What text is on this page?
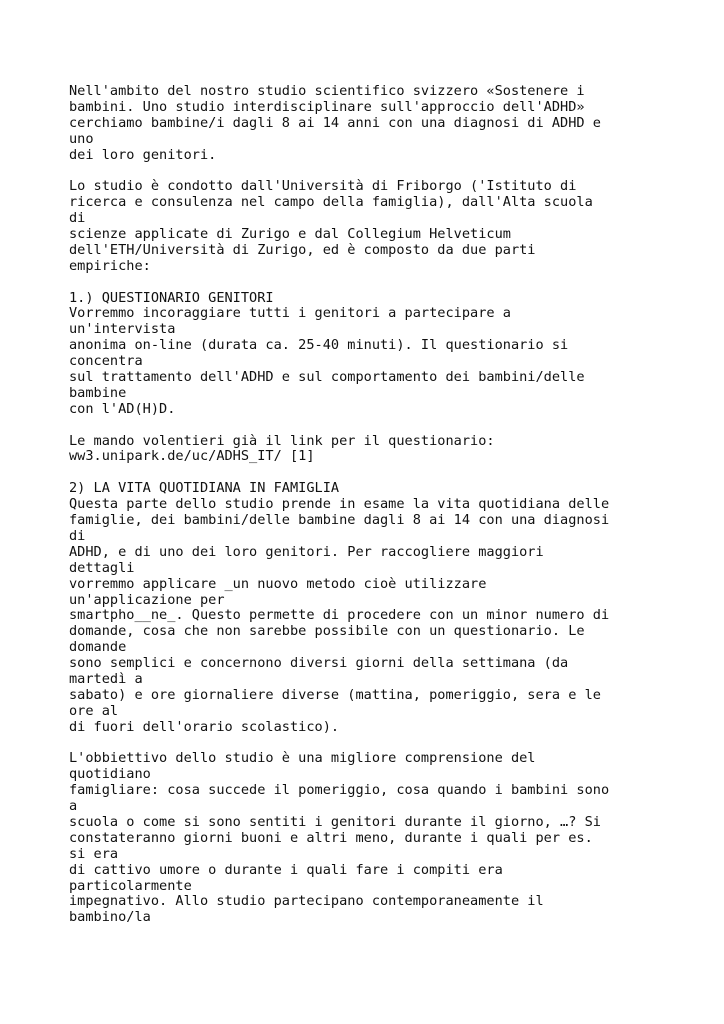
Nell'ambito del nostro studio scientifico svizzero «Sostenere i
bambini. Uno studio interdisciplinare sull'approccio dell'ADHD»
cerchiamo bambine/i dagli 8 ai 14 anni con una diagnosi di ADHD e
uno
dei loro genitori.
Lo studio è condotto dall'Università di Friborgo ('Istituto di
ricerca e consulenza nel campo della famiglia), dall'Alta scuola
di
scienze applicate di Zurigo e dal Collegium Helveticum
dell'ETH/Università di Zurigo, ed è composto da due parti
empiriche:
1.) QUESTIONARIO GENITORI
Vorremmo incoraggiare tutti i genitori a partecipare a
un'intervista
anonima on-line (durata ca. 25-40 minuti). Il questionario si
concentra
sul trattamento dell'ADHD e sul comportamento dei bambini/delle
bambine
con l'AD(H)D.
Le mando volentieri già il link per il questionario:
ww3.unipark.de/uc/ADHS_IT/ [1]
2) LA VITA QUOTIDIANA IN FAMIGLIA
Questa parte dello studio prende in esame la vita quotidiana delle
famiglie, dei bambini/delle bambine dagli 8 ai 14 con una diagnosi
di
ADHD, e di uno dei loro genitori. Per raccogliere maggiori
dettagli
vorremmo applicare _un nuovo metodo cioè utilizzare
un'applicazione per
smartpho__ne_. Questo permette di procedere con un minor numero di
domande, cosa che non sarebbe possibile con un questionario. Le
domande
sono semplici e concernono diversi giorni della settimana (da
martedì a
sabato) e ore giornaliere diverse (mattina, pomeriggio, sera e le
ore al
di fuori dell'orario scolastico).
L'obbiettivo dello studio è una migliore comprensione del
quotidiano
famigliare: cosa succede il pomeriggio, cosa quando i bambini sono
a
scuola o come si sono sentiti i genitori durante il giorno, …? Si
constateranno giorni buoni e altri meno, durante i quali per es.
si era
di cattivo umore o durante i quali fare i compiti era
particolarmente
impegnativo. Allo studio partecipano contemporaneamente il
bambino/la
